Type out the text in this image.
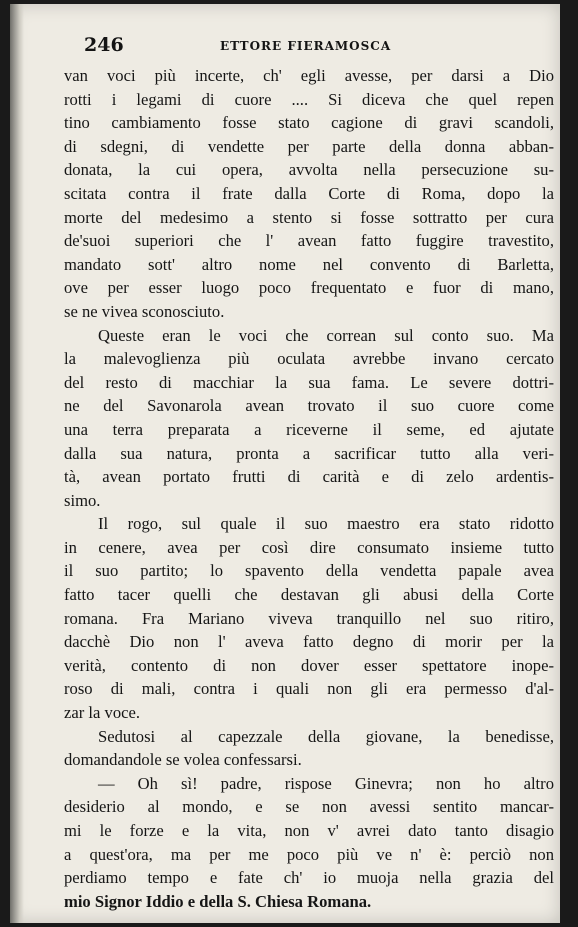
246	ETTORE FIERAMOSCA
van voci più incerte, ch' egli avesse, per darsi a Dio
rotti i legami di cuore .... Si diceva che quel repen
tino cambiamento fosse stato cagione di gravi scandoli,
di sdegni, di vendette per parte della donna abban-
donata, la cui opera, avvolta nella persecuzione su-
scitata contra il frate dalla Corte di Roma, dopo la
morte del medesimo a stento si fosse sottratto per cura
de'suoi superiori che l' avean fatto fuggire travestito,
mandato sott' altro nome nel convento di Barletta,
ove per esser luogo poco frequentato e fuor di mano,
se ne vivea sconosciuto.
Queste eran le voci che correan sul conto suo. Ma
la malevoglienza più oculata avrebbe invano cercato
del resto di macchiar la sua fama. Le severe dottri-
ne del Savonarola avean trovato il suo cuore come
una terra preparata a riceverne il seme, ed ajutate
dalla sua natura, pronta a sacrificar tutto alla veri-
tà, avean portato frutti di carità e di zelo ardentis-
simo.
Il rogo, sul quale il suo maestro era stato ridotto
in cenere, avea per così dire consumato insieme tutto
il suo partito; lo spavento della vendetta papale avea
fatto tacer quelli che destavan gli abusi della Corte
romana. Fra Mariano viveva tranquillo nel suo ritiro,
dacchè Dio non l' aveva fatto degno di morir per la
verità, contento di non dover esser spettatore inope-
roso di mali, contra i quali non gli era permesso d'al-
zar la voce.
Sedutosi al capezzale della giovane, la benedisse,
domandandole se volea confessarsi.
— Oh sì! padre, rispose Ginevra; non ho altro
desiderio al mondo, e se non avessi sentito mancar-
mi le forze e la vita, non v' avrei dato tanto disagio
a quest'ora, ma per me poco più ve n' è: perciò non
perdiamo tempo e fate ch' io muoja nella grazia del
mio Signor Iddio e della S. Chiesa Romana.
